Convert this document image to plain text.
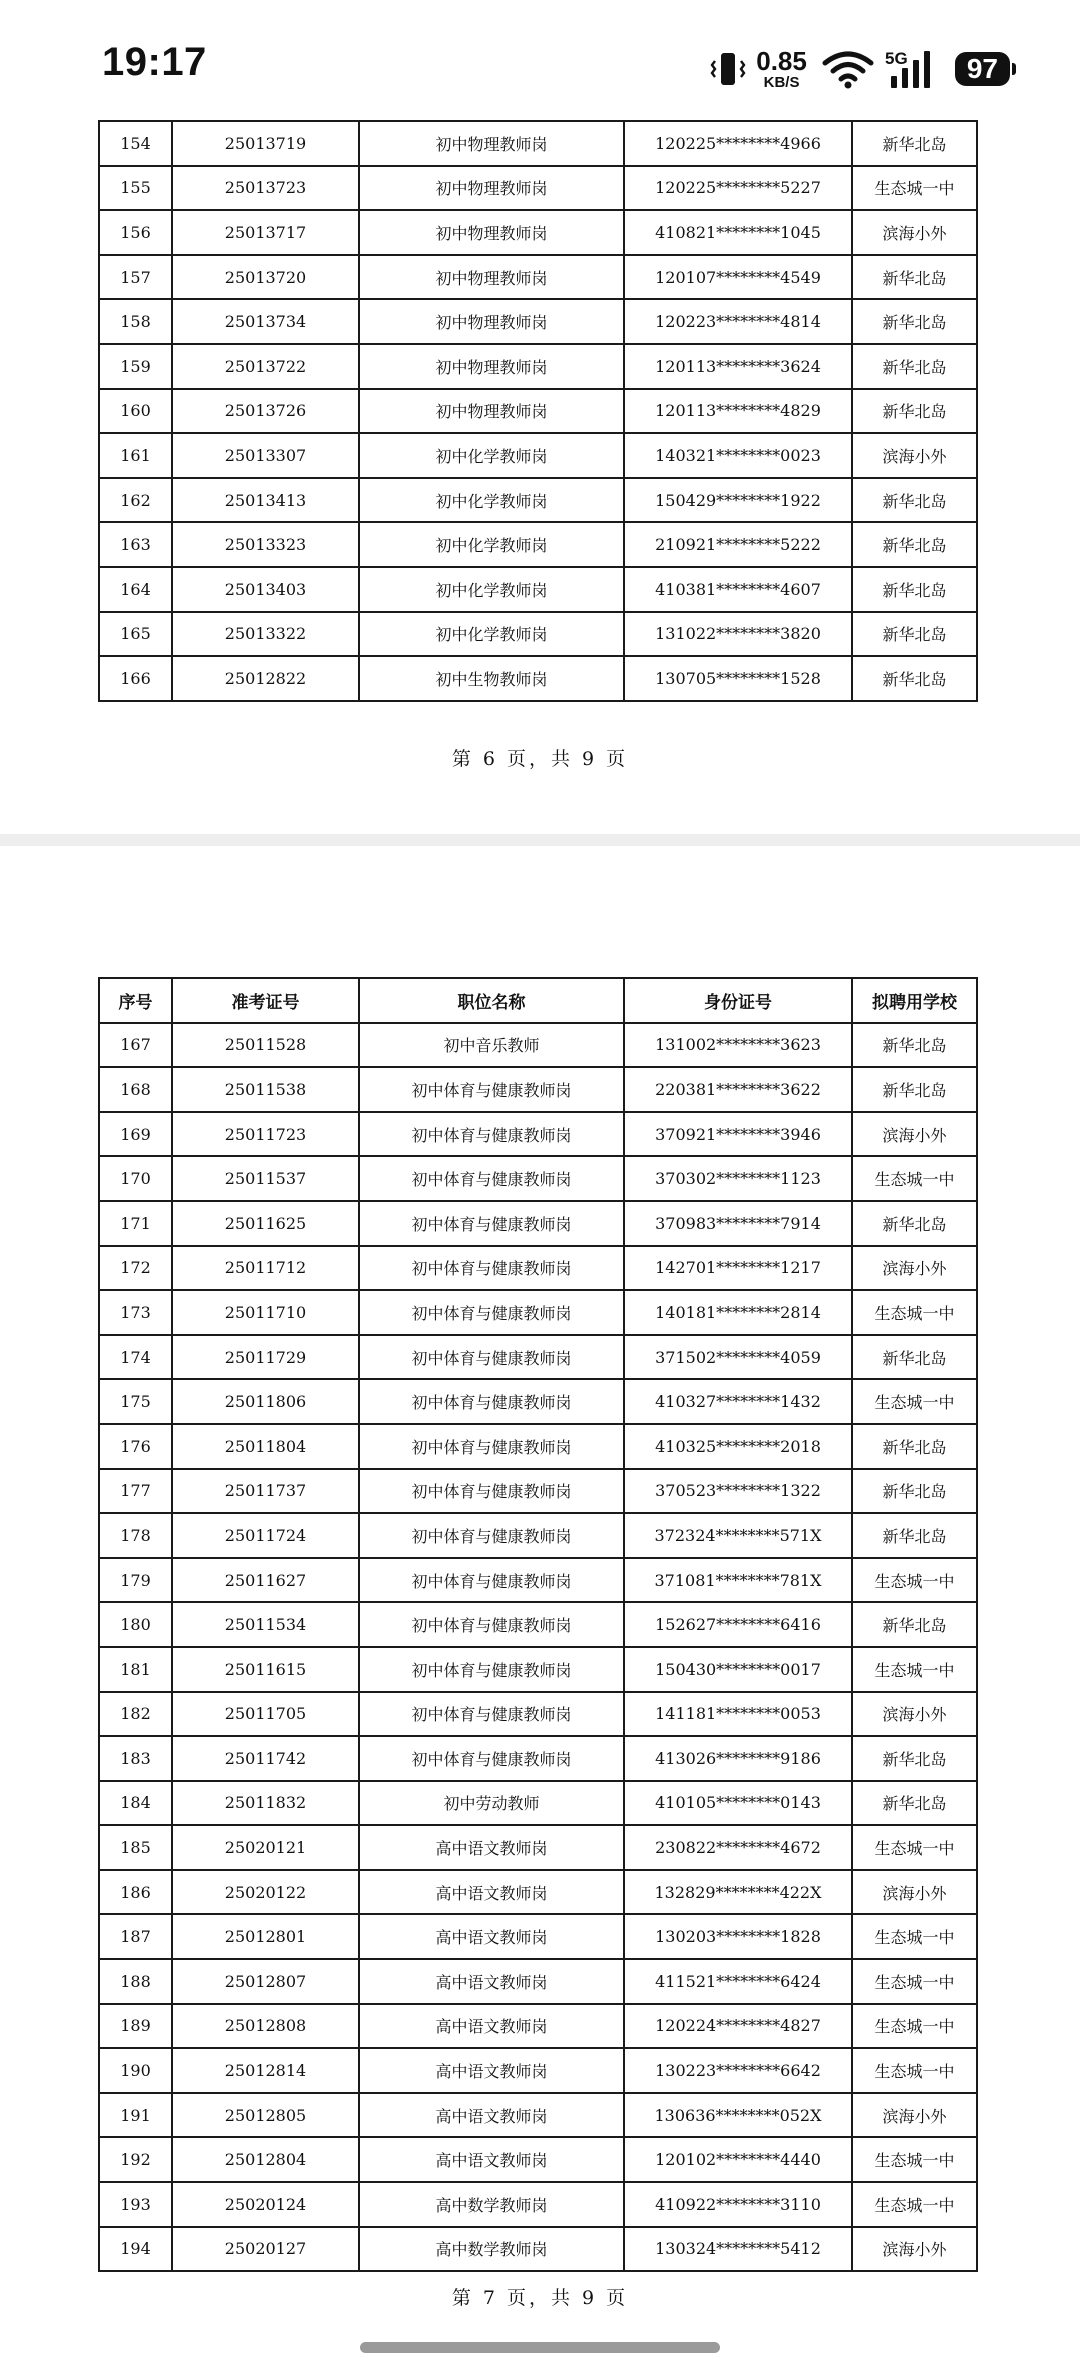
19:17	0.85
KB/S
5G	97
154	25013719	初中物理教师岗	120225********4966	新华北岛
155	25013723	初中物理教师岗	120225********5227	生态城一中
156	25013717	初中物理教师岗	410821********1045	滨海小外
157	25013720	初中物理教师岗	120107********4549	新华北岛
158	25013734	初中物理教师岗	120223********4814	新华北岛
159	25013722	初中物理教师岗	120113********3624	新华北岛
160	25013726	初中物理教师岗	120113********4829	新华北岛
161	25013307	初中化学教师岗	140321********0023	滨海小外
162	25013413	初中化学教师岗	150429********1922	新华北岛
163	25013323	初中化学教师岗	210921********5222	新华北岛
164	25013403	初中化学教师岗	410381********4607	新华北岛
165	25013322	初中化学教师岗	131022********3820	新华北岛
166	25012822	初中生物教师岗	130705********1528	新华北岛
第 6 页，共 9 页
序号	准考证号	职位名称	身份证号	拟聘用学校
167	25011528	初中音乐教师	131002********3623	新华北岛
168	25011538	初中体育与健康教师岗	220381********3622	新华北岛
169	25011723	初中体育与健康教师岗	370921********3946	滨海小外
170	25011537	初中体育与健康教师岗	370302********1123	生态城一中
171	25011625	初中体育与健康教师岗	370983********7914	新华北岛
172	25011712	初中体育与健康教师岗	142701********1217	滨海小外
173	25011710	初中体育与健康教师岗	140181********2814	生态城一中
174	25011729	初中体育与健康教师岗	371502********4059	新华北岛
175	25011806	初中体育与健康教师岗	410327********1432	生态城一中
176	25011804	初中体育与健康教师岗	410325********2018	新华北岛
177	25011737	初中体育与健康教师岗	370523********1322	新华北岛
178	25011724	初中体育与健康教师岗	372324********571X	新华北岛
179	25011627	初中体育与健康教师岗	371081********781X	生态城一中
180	25011534	初中体育与健康教师岗	152627********6416	新华北岛
181	25011615	初中体育与健康教师岗	150430********0017	生态城一中
182	25011705	初中体育与健康教师岗	141181********0053	滨海小外
183	25011742	初中体育与健康教师岗	413026********9186	新华北岛
184	25011832	初中劳动教师	410105********0143	新华北岛
185	25020121	高中语文教师岗	230822********4672	生态城一中
186	25020122	高中语文教师岗	132829********422X	滨海小外
187	25012801	高中语文教师岗	130203********1828	生态城一中
188	25012807	高中语文教师岗	411521********6424	生态城一中
189	25012808	高中语文教师岗	120224********4827	生态城一中
190	25012814	高中语文教师岗	130223********6642	生态城一中
191	25012805	高中语文教师岗	130636********052X	滨海小外
192	25012804	高中语文教师岗	120102********4440	生态城一中
193	25020124	高中数学教师岗	410922********3110	生态城一中
194	25020127	高中数学教师岗	130324********5412	滨海小外
第 7 页，共 9 页
